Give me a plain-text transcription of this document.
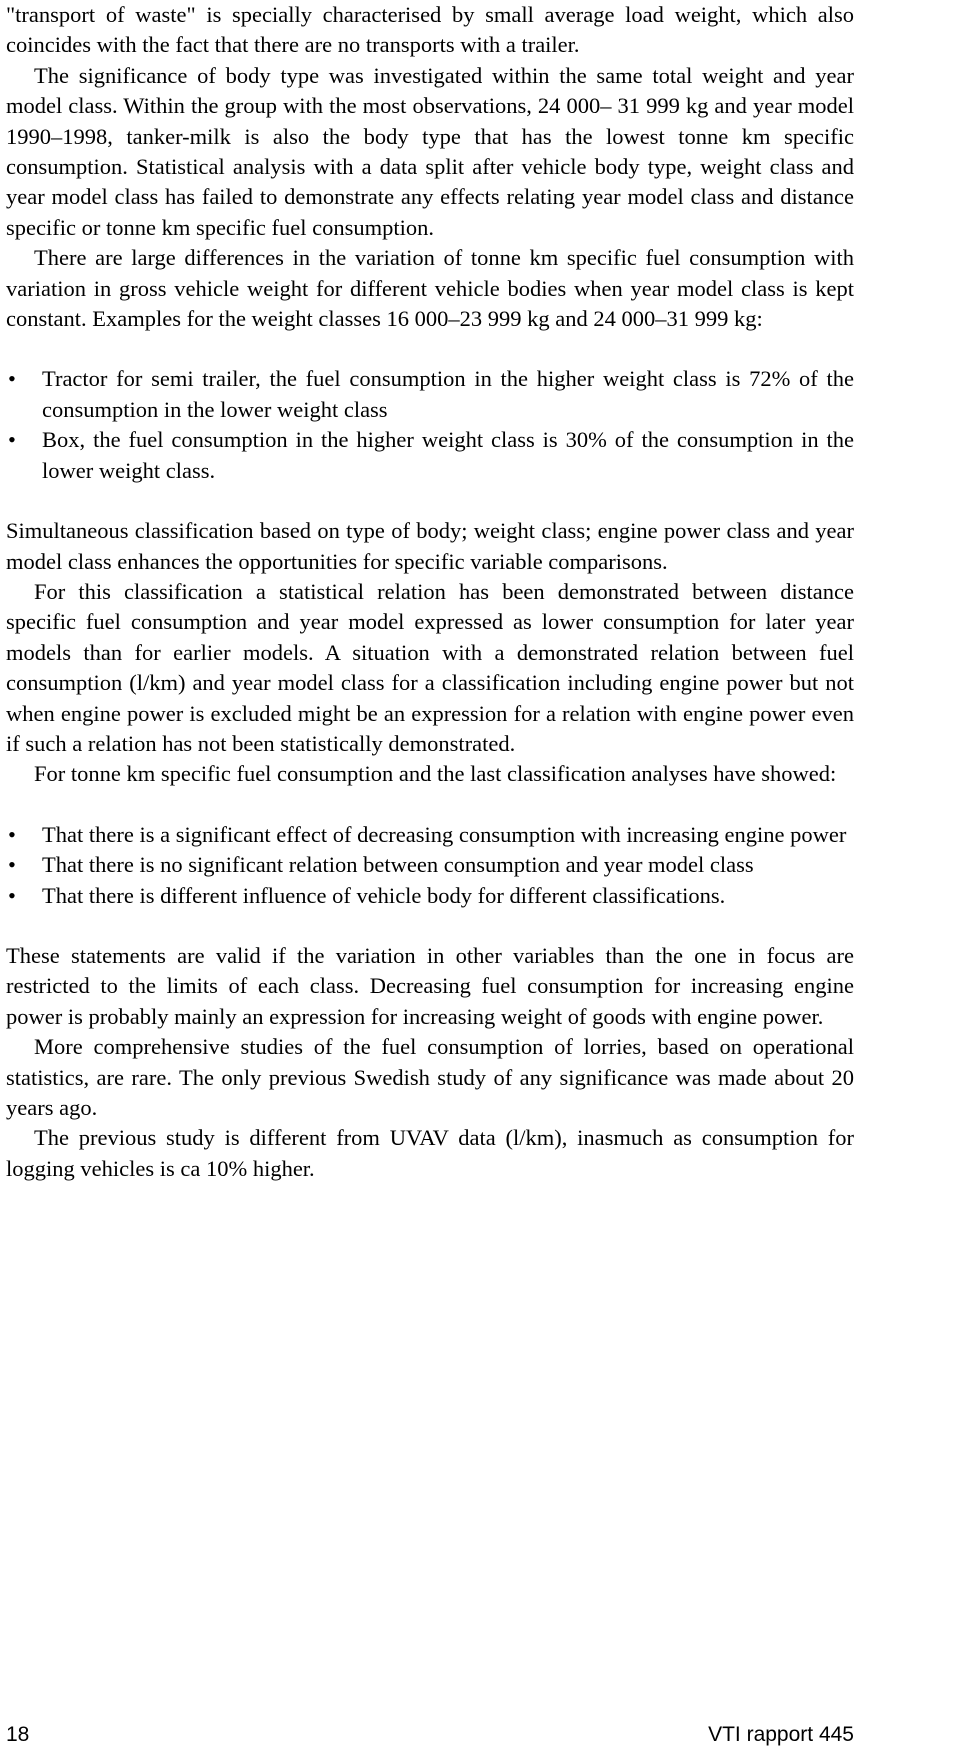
"transport of waste" is specially characterised by small average load weight, which also coincides with the fact that there are no transports with a trailer.

The significance of body type was investigated within the same total weight and year model class. Within the group with the most observations, 24 000– 31 999 kg and year model 1990–1998, tanker-milk is also the body type that has the lowest tonne km specific consumption. Statistical analysis with a data split after vehicle body type, weight class and year model class has failed to demonstrate any effects relating year model class and distance specific or tonne km specific fuel consumption.

There are large differences in the variation of tonne km specific fuel consumption with variation in gross vehicle weight for different vehicle bodies when year model class is kept constant. Examples for the weight classes 16 000–23 999 kg and 24 000–31 999 kg:

•	Tractor for semi trailer, the fuel consumption in the higher weight class is 72% of the consumption in the lower weight class
•	Box, the fuel consumption in the higher weight class is 30% of the consumption in the lower weight class.

Simultaneous classification based on type of body; weight class; engine power class and year model class enhances the opportunities for specific variable comparisons.

For this classification a statistical relation has been demonstrated between distance specific fuel consumption and year model expressed as lower consumption for later year models than for earlier models. A situation with a demonstrated relation between fuel consumption (l/km) and year model class for a classification including engine power but not when engine power is excluded might be an expression for a relation with engine power even if such a relation has not been statistically demonstrated.

For tonne km specific fuel consumption and the last classification analyses have showed:

•	That there is a significant effect of decreasing consumption with increasing engine power
•	That there is no significant relation between consumption and year model class
•	That there is different influence of vehicle body for different classifications.

These statements are valid if the variation in other variables than the one in focus are restricted to the limits of each class. Decreasing fuel consumption for increasing engine power is probably mainly an expression for increasing weight of goods with engine power.

More comprehensive studies of the fuel consumption of lorries, based on operational statistics, are rare. The only previous Swedish study of any significance was made about 20 years ago.

The previous study is different from UVAV data (l/km), inasmuch as consumption for logging vehicles is ca 10% higher.

18	VTI rapport 445
